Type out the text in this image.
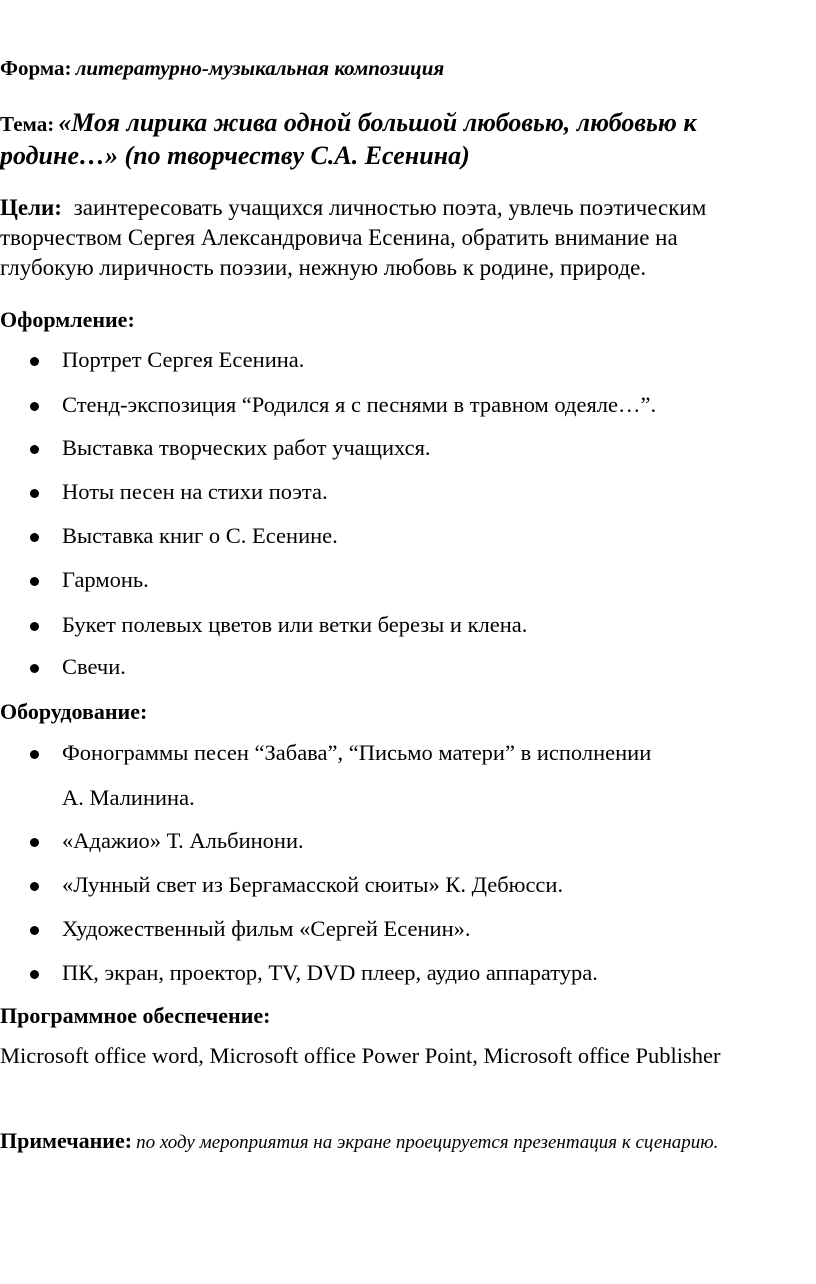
Форма: литературно-музыкальная композиция
Тема: «Моя лирика жива одной большой любовью, любовью к
родине…» (по творчеству С.А. Есенина)
Цели: заинтересовать учащихся личностью поэта, увлечь поэтическим
творчеством Сергея Александровича Есенина, обратить внимание на
глубокую лиричность поэзии, нежную любовь к родине, природе.
Оформление:
Портрет Сергея Есенина.
Стенд-экспозиция “Родился я с песнями в травном одеяле…”.
Выставка творческих работ учащихся.
Ноты песен на стихи поэта.
Выставка книг о С. Есенине.
Гармонь.
Букет полевых цветов или ветки березы и клена.
Свечи.
Оборудование:
Фонограммы песен “Забава”, “Письмо матери” в исполнении
А. Малинина.
«Адажио» Т. Альбинони.
«Лунный свет из Бергамасской сюиты» К. Дебюсси.
Художественный фильм «Сергей Есенин».
ПК, экран, проектор, TV, DVD плеер, аудио аппаратура.
Программное обеспечение:
Microsoft office word, Microsoft office Power Point, Microsoft office Publisher
Примечание: по ходу мероприятия на экране проецируется презентация к сценарию.
